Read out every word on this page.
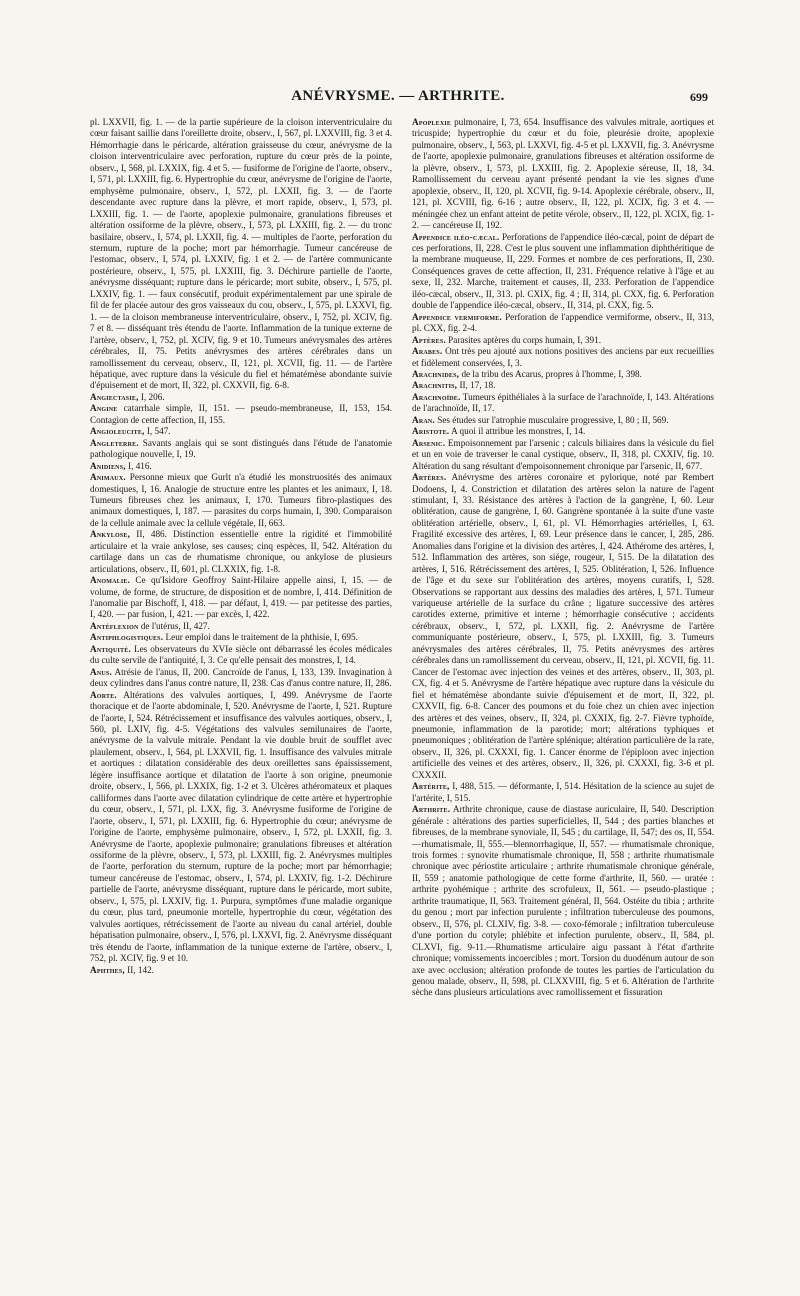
ANÉVRYSME. — ARTHRITE.	699

pl. LXXVII, fig. 1. — de la partie supérieure de la cloison interventriculaire du cœur faisant saillie dans l'oreillette droite, observ., I, 567, pl. LXXVIII, fig. 3 et 4. Hémorrhagie dans le péricarde, altération graisseuse du cœur, anévrysme de la cloison interventriculaire avec perforation, rupture du cœur près de la pointe, observ., I, 568, pl. LXXIX, fig. 4 et 5. — fusiforme de l'origine de l'aorte, observ., I, 571, pl. LXXIII, fig. 6. Hypertrophie du cœur, anévrysme de l'origine de l'aorte, emphysème pulmonaire, observ., I, 572, pl. LXXII, fig. 3. — de l'aorte descendante avec rupture dans la plèvre, et mort rapide, observ., I, 573, pl. LXXIII, fig. 1. — de l'aorte, apoplexie pulmonaire, granulations fibreuses et altération ossiforme de la plèvre, observ., I, 573, pl. LXXIII, fig. 2. — du tronc basilaire, observ., I, 574, pl. LXXII, fig. 4. — multiples de l'aorte, perforation du sternum, rupture de la poche; mort par hémorrhagie. Tumeur cancéreuse de l'estomac, observ., I, 574, pl. LXXIV, fig. 1 et 2. — de l'artère communicante postérieure, observ., I, 575, pl. LXXIII, fig. 3. Déchirure partielle de l'aorte, anévrysme disséquant; rupture dans le péricarde; mort subite, observ., I, 575, pl. LXXIV, fig. 1. — faux consécutif, produit expérimentalement par une spirale de fil de fer placée autour des gros vaisseaux du cou, observ., I, 575, pl. LXXVI, fig. 1. — de la cloison membraneuse interventriculaire, observ., I, 752, pl. XCIV, fig. 7 et 8. — disséquant très étendu de l'aorte. Inflammation de la tunique externe de l'artère, observ., I, 752, pl. XCIV, fig. 9 et 10. Tumeurs anévrysmales des artères cérébrales, II, 75. Petits anévrysmes des artères cérébrales dans un ramollissement du cerveau, observ., II, 121, pl. XCVII, fig. 11. — de l'artère hépatique, avec rupture dans la vésicule du fiel et hématémèse abondante suivie d'épuisement et de mort, II, 322, pl. CXXVII, fig. 6-8.

Angiectasie, I, 206.

Angine catarrhale simple, II, 151. — pseudo-membraneuse, II, 153, 154. Contagion de cette affection, II, 155.

Angioleucite, I, 547.

Angleterre. Savants anglais qui se sont distingués dans l'étude de l'anatomie pathologique nouvelle, I, 19.

Anidiens, I, 416.

Animaux. Personne mieux que Gurlt n'a étudié les monstruosités des animaux domestiques, I, 16. Analogie de structure entre les plantes et les animaux, I, 18. Tumeurs fibreuses chez les animaux, I, 170. Tumeurs fibro-plastiques des animaux domestiques, I, 187. — parasites du corps humain, I, 390. Comparaison de la cellule animale avec la cellule végétale, II, 663.

Ankylose, II, 486. Distinction essentielle entre la rigidité et l'immobilité articulaire et la vraie ankylose, ses causes; cinq espèces, II, 542. Altération du cartilage dans un cas de rhumatisme chronique, ou ankylose de plusieurs articulations, observ., II, 601, pl. CLXXIX, fig. 1-8.

Anomalie. Ce qu'Isidore Geoffroy Saint-Hilaire appelle ainsi, I, 15. — de volume, de forme, de structure, de disposition et de nombre, I, 414. Définition de l'anomalie par Bischoff, I, 418. — par défaut, I, 419. — par petitesse des parties, I, 420. — par fusion, I, 421. — par excès, I, 422.

Antéflexion de l'utérus, II, 427.

Antiphlogistiques. Leur emploi dans le traitement de la phthisie, I, 695.

Antiquité. Les observateurs du XVIe siècle ont débarrassé les écoles médicales du culte servile de l'antiquité, I, 3. Ce qu'elle pensait des monstres, I, 14.

Anus. Atrésie de l'anus, II, 200. Cancroïde de l'anus, I, 133, 139. Invagination à deux cylindres dans l'anus contre nature, II, 238. Cas d'anus contre nature, II, 286.

Aorte. Altérations des valvules aortiques, I, 499. Anévrysme de l'aorte thoracique et de l'aorte abdominale, I, 520. Anévrysme de l'aorte, I, 521. Rupture de l'aorte, I, 524. Rétrécissement et insuffisance des valvules aortiques, observ., I, 560, pl. LXIV, fig. 4-5. Végétations des valvules semilunaires de l'aorte, anévrysme de la valvule mitrale. Pendant la vie double bruit de soufflet avec plaulement, observ., I, 564, pl. LXXVII, fig. 1. Insuffisance des valvules mitrale et aortiques : dilatation considérable des deux oreillettes sans épaississement, légère insuffisance aortique et dilatation de l'aorte à son origine, pneumonie droite, observ., I, 566, pl. LXXIX, fig. 1-2 et 3. Ulcères athéromateux et plaques calliformes dans l'aorte avec dilatation cylindrique de cette artère et hypertrophie du cœur, observ., I, 571, pl. LXX, fig. 3. Anévrysme fusiforme de l'origine de l'aorte, observ., I, 571, pl. LXXIII, fig. 6. Hypertrophie du cœur; anévrysme de l'origine de l'aorte, emphysème pulmonaire, observ., I, 572, pl. LXXII, fig. 3. Anévrysme de l'aorte, apoplexie pulmonaire; granulations fibreuses et altération ossiforme de la plèvre, observ., I, 573, pl. LXXIII, fig. 2. Anévrysmes multiples de l'aorte, perforation du sternum, rupture de la poche; mort par hémorrhagie; tumeur cancéreuse de l'estomac, observ., I, 574, pl. LXXIV, fig. 1-2. Déchirure partielle de l'aorte, anévrysme disséquant, rupture dans le péricarde, mort subite, observ., I, 575, pl. LXXIV, fig. 1. Purpura, symptômes d'une maladie organique du cœur, plus tard, pneumonie mortelle, hypertrophie du cœur, végétation des valvules aortiques, rétrécissement de l'aorte au niveau du canal artériel, double hépatisation pulmonaire, observ., I, 576, pl. LXXVI, fig. 2. Anévrysme disséquant très étendu de l'aorte, inflammation de la tunique externe de l'artère, observ., I, 752, pl. XCIV, fig. 9 et 10.

Aphthes, II, 142.

Apoplexie pulmonaire, I, 73, 654. Insuffisance des valvules mitrale, aortiques et tricuspide; hypertrophie du cœur et du foie, pleurésie droite, apoplexie pulmonaire, observ., I, 563, pl. LXXVI, fig. 4-5 et pl. LXXVII, fig. 3. Anévrysme de l'aorte, apoplexie pulmonaire, granulations fibreuses et altération ossiforme de la plèvre, observ., I, 573, pl. LXXIII, fig. 2. Apoplexie séreuse, II, 18, 34. Ramollissement du cerveau ayant présenté pendant la vie les signes d'une apoplexie, observ., II, 120, pl. XCVII, fig. 9-14. Apoplexie cérébrale, observ., II, 121, pl. XCVIII, fig. 6-16 ; autre observ., II, 122, pl. XCIX, fig. 3 et 4. — méningée chez un enfant atteint de petite vérole, observ., II, 122, pl. XCIX, fig. 1-2. — cancéreuse II, 192.

Appendice iléo-cæcal. Perforations de l'appendice iléo-cæcal, point de départ de ces perforations, II, 228. C'est le plus souvent une inflammation diphthéritique de la membrane muqueuse, II, 229. Formes et nombre de ces perforations, II, 230. Conséquences graves de cette affection, II, 231. Fréquence relative à l'âge et au sexe, II, 232. Marche, traitement et causes, II, 233. Perforation de l'appendice iléo-cæcal, observ., II, 313. pl. CXIX, fig. 4 ; II, 314, pl. CXX, fig. 6. Perforation double de l'appendice iléo-cæcal, observ., II, 314, pl. CXX, fig. 5.

Appendice vermiforme. Perforation de l'appendice vermiforme, observ., II, 313, pl. CXX, fig. 2-4.

Aptères. Parasites aptères du corps humain, I, 391.

Arabes. Ont très peu ajouté aux notions positives des anciens par eux recueillies et fidèlement conservées, I, 3.

Arachnides, de la tribu des Acarus, propres à l'homme, I, 398.

Arachnitis, II, 17, 18.

Arachnoïde. Tumeurs épithéliales à la surface de l'arachnoïde, I, 143. Altérations de l'arachnoïde, II, 17.

Aran. Ses études sur l'atrophie musculaire progressive, I, 80 ; II, 569.

Aristote. A quoi il attribue les monstres, I, 14.

Arsenic. Empoisonnement par l'arsenic ; calculs biliaires dans la vésicule du fiel et un en voie de traverser le canal cystique, observ., II, 318, pl. CXXIV, fig. 10. Altération du sang résultant d'empoisonnement chronique par l'arsenic, II, 677.

Artères. Anévrysme des artères coronaire et pylorique, noté par Rembert Dodoens, I, 4. Constriction et dilatation des artères selon la nature de l'agent stimulant, I, 33. Résistance des artères à l'action de la gangrène, I, 60. Leur oblitération, cause de gangrène, I, 60. Gangrène spontanée à la suite d'une vaste oblitération artérielle, observ., I, 61, pl. VI. Hémorrhagies artérielles, I, 63. Fragilité excessive des artères, I, 69. Leur présence dans le cancer, I, 285, 286. Anomalies dans l'origine et la division des artères, I, 424. Athérome des artères, I, 512. Inflammation des artères, son siége, rougeur, I, 515. De la dilatation des artères, I, 516. Rétrécissement des artères, I, 525. Oblitération, I, 526. Influence de l'âge et du sexe sur l'oblitération des artères, moyens curatifs, I, 528. Observations se rapportant aux dessins des maladies des artères, I, 571. Tumeur variqueuse artérielle de la surface du crâne ; ligature successive des artères carotides externe, primitive et interne ; hémorrhagie consécutive ; accidents cérébraux, observ., I, 572, pl. LXXII, fig. 2. Anévrysme de l'artère communiquante postérieure, observ., I, 575, pl. LXXIII, fig. 3. Tumeurs anévrysmales des artères cérébrales, II, 75. Petits anévrysmes des artères cérébrales dans un ramollissement du cerveau, observ., II, 121, pl. XCVII, fig. 11. Cancer de l'estomac avec injection des veines et des artères, observ., II, 303, pl. CX, fig. 4 et 5. Anévrysme de l'artère hépatique avec rupture dans la vésicule du fiel et hématémèse abondante suivie d'épuisement et de mort, II, 322, pl. CXXVII, fig. 6-8. Cancer des poumons et du foie chez un chien avec injection des artères et des veines, observ., II, 324, pl. CXXIX, fig. 2-7. Fièvre typhoïde, pneumonie, inflammation de la parotide; mort; altérations typhiques et pneumoniques ; oblitération de l'artère splénique; altération particulière de la rate, observ., II, 326, pl. CXXXI, fig. 1. Cancer énorme de l'épiploon avec injection artificielle des veines et des artères, observ., II, 326, pl. CXXXI, fig. 3-6 et pl. CXXXII.

Artérite, I, 488, 515. — déformante, I, 514. Hésitation de la science au sujet de l'artérite, I, 515.

Arthrite. Arthrite chronique, cause de diastase auriculaire, II, 540. Description générale : altérations des parties superficielles, II, 544 ; des parties blanches et fibreuses, de la membrane synoviale, II, 545 ; du cartilage, II, 547; des os, II, 554.—rhumatismale, II, 555.—blennorrhagique, II, 557. — rhumatismale chronique, trois formes : synovite rhumatismale chronique, II, 558 ; arthrite rhumatismale chronique avec périostite articulaire ; arthrite rhumatismale chronique générale, II, 559 ; anatomie pathologique de cette forme d'arthrite, II, 560. — uratée : arthrite pyohémique ; arthrite des scrofuleux, II, 561. — pseudo-plastique ; arthrite traumatique, II, 563. Traitement général, II, 564. Ostéite du tibia ; arthrite du genou ; mort par infection purulente ; infiltration tuberculeuse des poumons, observ., II, 576, pl. CLXIV, fig. 3-8. — coxo-fémorale ; infiltration tuberculeuse d'une portion du cotyle; phlébite et infection purulente, observ., II, 584, pl. CLXVI, fig. 9-11.—Rhumatisme articulaire aigu passant à l'état d'arthrite chronique; vomissements incoercibles ; mort. Torsion du duodénum autour de son axe avec occlusion; altération profonde de toutes les parties de l'articulation du genou malade, observ., II, 598, pl. CLXXVIII, fig. 5 et 6. Altération de l'arthrite sèche dans plusieurs articulations avec ramollissement et fissuration
